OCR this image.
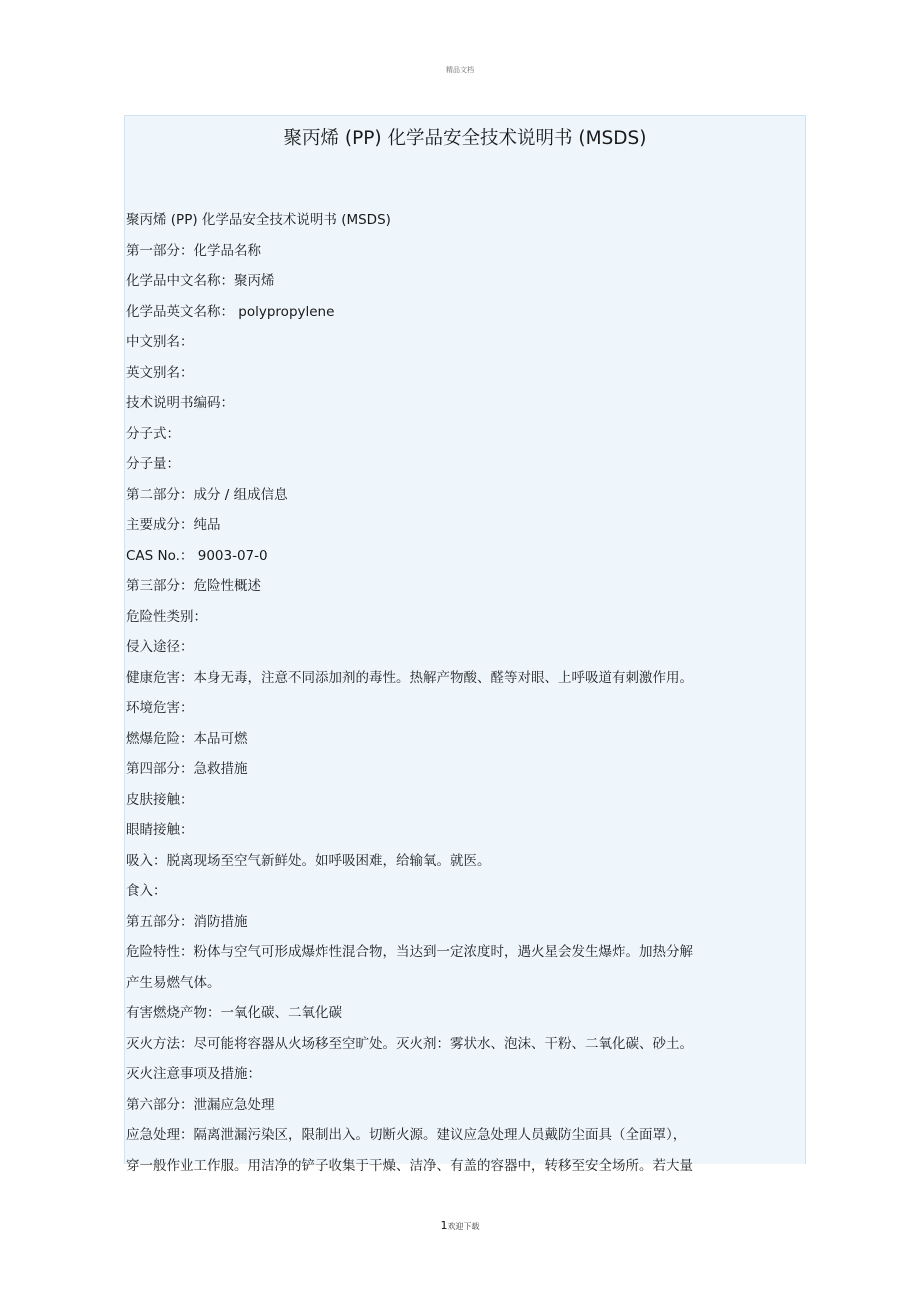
精品文档
聚丙烯 (PP) 化学品安全技术说明书 (MSDS)
聚丙烯 (PP) 化学品安全技术说明书 (MSDS)
第一部分：化学品名称
化学品中文名称：聚丙烯
化学品英文名称： polypropylene
中文别名：
英文别名：
技术说明书编码：
分子式：
分子量：
第二部分：成分 / 组成信息
主要成分：纯品
CAS No.： 9003-07-0
第三部分：危险性概述
危险性类别：
侵入途径：
健康危害：本身无毒，注意不同添加剂的毒性。热解产物酸、醛等对眼、上呼吸道有刺激作用。
环境危害：
燃爆危险：本品可燃
第四部分：急救措施
皮肤接触：
眼睛接触：
吸入：脱离现场至空气新鲜处。如呼吸困难，给输氧。就医。
食入：
第五部分：消防措施
危险特性：粉体与空气可形成爆炸性混合物，当达到一定浓度时，遇火星会发生爆炸。加热分解
产生易燃气体。
有害燃烧产物：一氧化碳、二氧化碳
灭火方法：尽可能将容器从火场移至空旷处。灭火剂：雾状水、泡沫、干粉、二氧化碳、砂土。
灭火注意事项及措施：
第六部分：泄漏应急处理
应急处理：隔离泄漏污染区，限制出入。切断火源。建议应急处理人员戴防尘面具（全面罩），
穿一般作业工作服。用洁净的铲子收集于干燥、洁净、有盖的容器中，转移至安全场所。若大量
1欢迎下载
